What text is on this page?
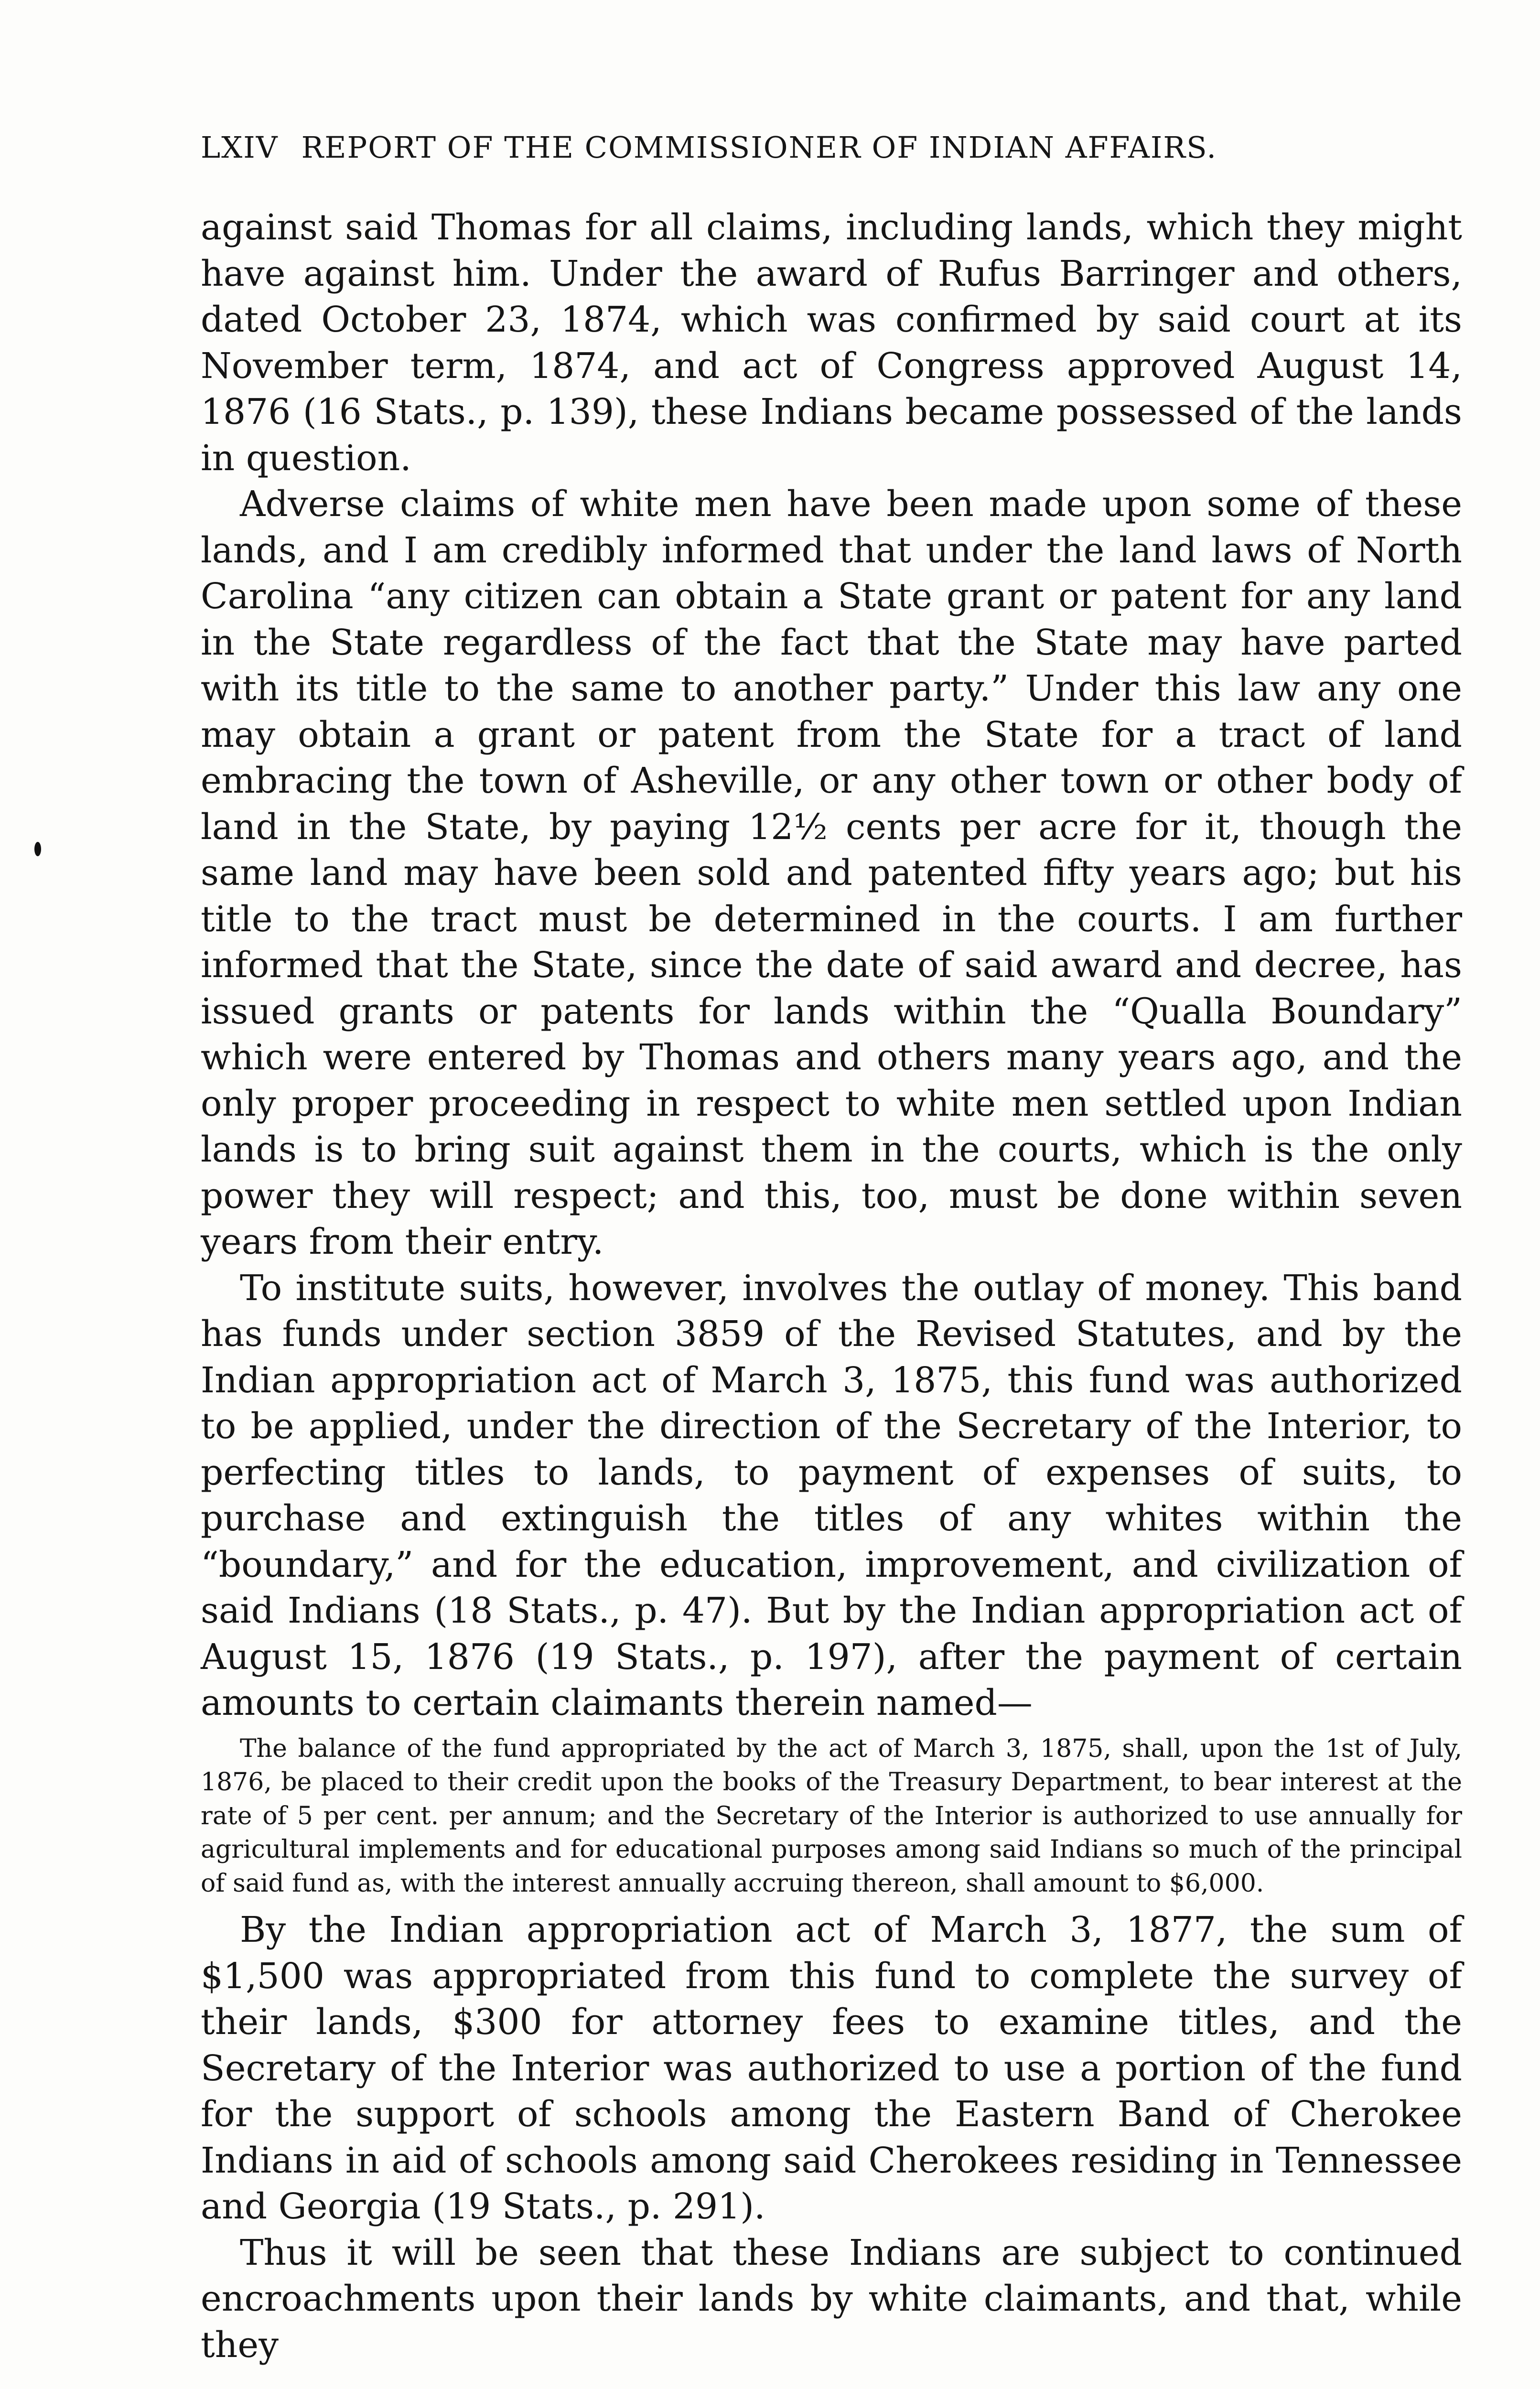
LXIV REPORT OF THE COMMISSIONER OF INDIAN AFFAIRS.

against said Thomas for all claims, including lands, which they might have against him. Under the award of Rufus Barringer and others, dated October 23, 1874, which was confirmed by said court at its November term, 1874, and act of Congress approved August 14, 1876 (16 Stats., p. 139), these Indians became possessed of the lands in question.

Adverse claims of white men have been made upon some of these lands, and I am credibly informed that under the land laws of North Carolina “any citizen can obtain a State grant or patent for any land in the State regardless of the fact that the State may have parted with its title to the same to another party.” Under this law any one may obtain a grant or patent from the State for a tract of land embracing the town of Asheville, or any other town or other body of land in the State, by paying 12½ cents per acre for it, though the same land may have been sold and patented fifty years ago; but his title to the tract must be determined in the courts. I am further informed that the State, since the date of said award and decree, has issued grants or patents for lands within the “Qualla Boundary” which were entered by Thomas and others many years ago, and the only proper proceeding in respect to white men settled upon Indian lands is to bring suit against them in the courts, which is the only power they will respect; and this, too, must be done within seven years from their entry.

To institute suits, however, involves the outlay of money. This band has funds under section 3859 of the Revised Statutes, and by the Indian appropriation act of March 3, 1875, this fund was authorized to be applied, under the direction of the Secretary of the Interior, to perfecting titles to lands, to payment of expenses of suits, to purchase and extinguish the titles of any whites within the “boundary,” and for the education, improvement, and civilization of said Indians (18 Stats., p. 47). But by the Indian appropriation act of August 15, 1876 (19 Stats., p. 197), after the payment of certain amounts to certain claimants therein named—

The balance of the fund appropriated by the act of March 3, 1875, shall, upon the 1st of July, 1876, be placed to their credit upon the books of the Treasury Department, to bear interest at the rate of 5 per cent. per annum; and the Secretary of the Interior is authorized to use annually for agricultural implements and for educational purposes among said Indians so much of the principal of said fund as, with the interest annually accruing thereon, shall amount to $6,000.

By the Indian appropriation act of March 3, 1877, the sum of $1,500 was appropriated from this fund to complete the survey of their lands, $300 for attorney fees to examine titles, and the Secretary of the Interior was authorized to use a portion of the fund for the support of schools among the Eastern Band of Cherokee Indians in aid of schools among said Cherokees residing in Tennessee and Georgia (19 Stats., p. 291).

Thus it will be seen that these Indians are subject to continued encroachments upon their lands by white claimants, and that, while they
